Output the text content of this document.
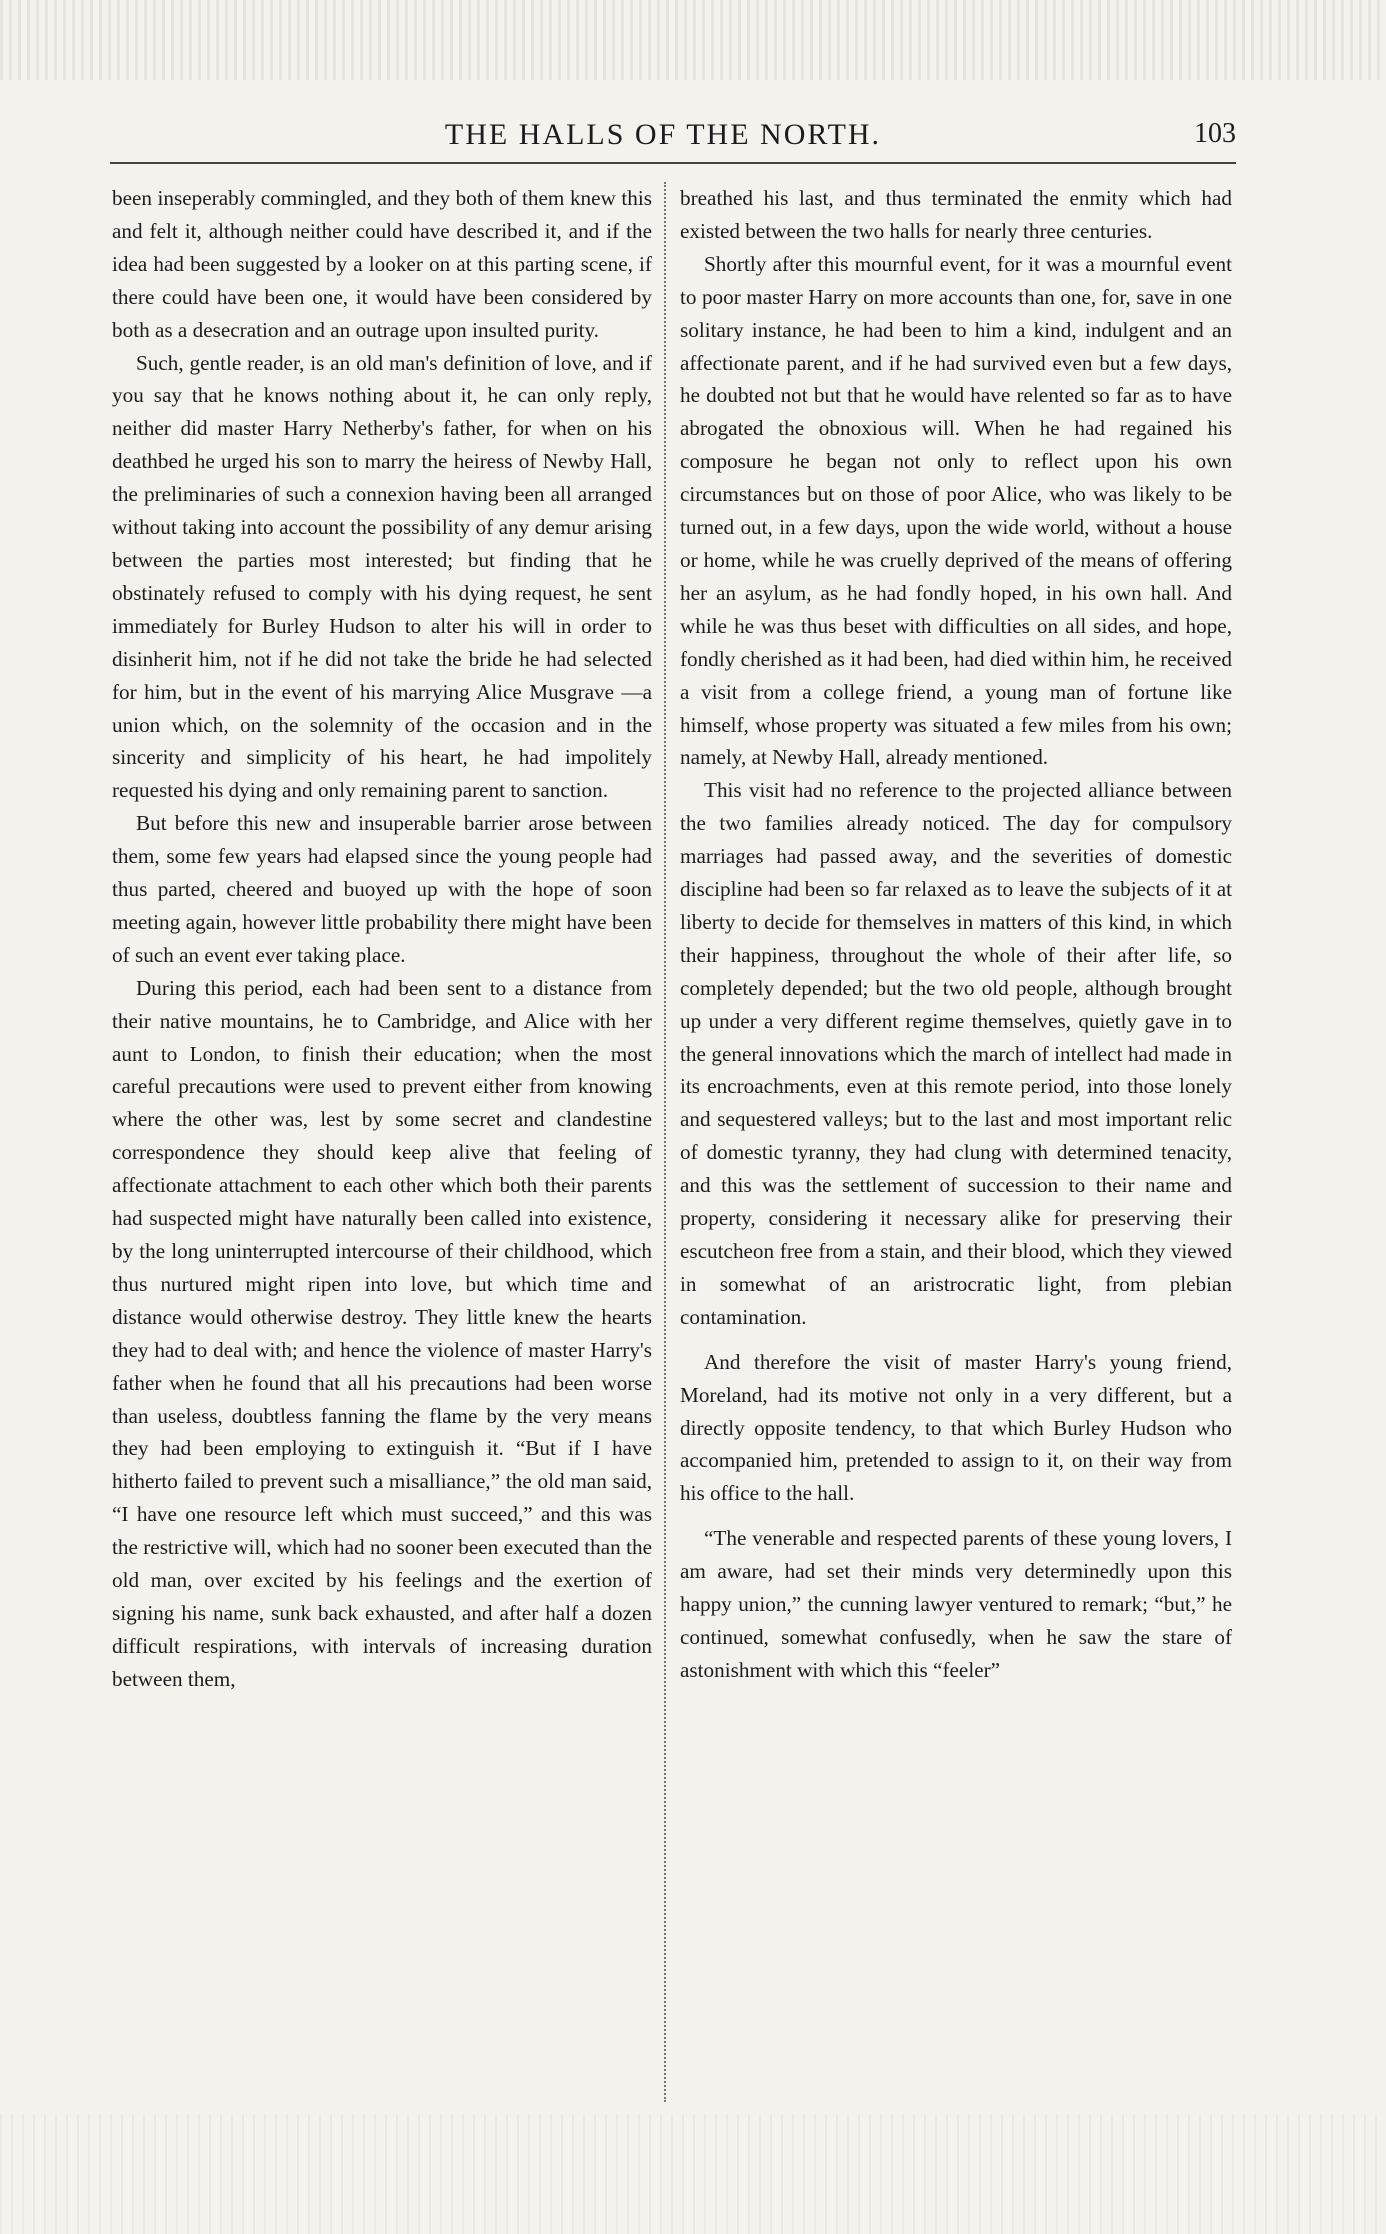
THE HALLS OF THE NORTH.	103

been inseperably commingled, and they both of them knew this and felt it, although neither could have described it, and if the idea had been suggested by a looker on at this parting scene, if there could have been one, it would have been considered by both as a desecration and an outrage upon insulted purity.

Such, gentle reader, is an old man's definition of love, and if you say that he knows nothing about it, he can only reply, neither did master Harry Netherby's father, for when on his deathbed he urged his son to marry the heiress of Newby Hall, the preliminaries of such a connexion having been all arranged without taking into account the possibility of any demur arising between the parties most interested; but finding that he obstinately refused to comply with his dying request, he sent immediately for Burley Hudson to alter his will in order to disinherit him, not if he did not take the bride he had selected for him, but in the event of his marrying Alice Musgrave —a union which, on the solemnity of the occasion and in the sincerity and simplicity of his heart, he had impolitely requested his dying and only remaining parent to sanction.

But before this new and insuperable barrier arose between them, some few years had elapsed since the young people had thus parted, cheered and buoyed up with the hope of soon meeting again, however little probability there might have been of such an event ever taking place.

During this period, each had been sent to a distance from their native mountains, he to Cambridge, and Alice with her aunt to London, to finish their education; when the most careful precautions were used to prevent either from knowing where the other was, lest by some secret and clandestine correspondence they should keep alive that feeling of affectionate attachment to each other which both their parents had suspected might have naturally been called into existence, by the long uninterrupted intercourse of their childhood, which thus nurtured might ripen into love, but which time and distance would otherwise destroy. They little knew the hearts they had to deal with; and hence the violence of master Harry's father when he found that all his precautions had been worse than useless, doubtless fanning the flame by the very means they had been employing to extinguish it. “But if I have hitherto failed to prevent such a misalliance,” the old man said, “I have one resource left which must succeed,” and this was the restrictive will, which had no sooner been executed than the old man, over excited by his feelings and the exertion of signing his name, sunk back exhausted, and after half a dozen difficult respirations, with intervals of increasing duration between them,

breathed his last, and thus terminated the enmity which had existed between the two halls for nearly three centuries.

Shortly after this mournful event, for it was a mournful event to poor master Harry on more accounts than one, for, save in one solitary instance, he had been to him a kind, indulgent and an affectionate parent, and if he had survived even but a few days, he doubted not but that he would have relented so far as to have abrogated the obnoxious will. When he had regained his composure he began not only to reflect upon his own circumstances but on those of poor Alice, who was likely to be turned out, in a few days, upon the wide world, without a house or home, while he was cruelly deprived of the means of offering her an asylum, as he had fondly hoped, in his own hall. And while he was thus beset with difficulties on all sides, and hope, fondly cherished as it had been, had died within him, he received a visit from a college friend, a young man of fortune like himself, whose property was situated a few miles from his own; namely, at Newby Hall, already mentioned.

This visit had no reference to the projected alliance between the two families already noticed. The day for compulsory marriages had passed away, and the severities of domestic discipline had been so far relaxed as to leave the subjects of it at liberty to decide for themselves in matters of this kind, in which their happiness, throughout the whole of their after life, so completely depended; but the two old people, although brought up under a very different regime themselves, quietly gave in to the general innovations which the march of intellect had made in its encroachments, even at this remote period, into those lonely and sequestered valleys; but to the last and most important relic of domestic tyranny, they had clung with determined tenacity, and this was the settlement of succession to their name and property, considering it necessary alike for preserving their escutcheon free from a stain, and their blood, which they viewed in somewhat of an aristrocratic light, from plebian contamination.

And therefore the visit of master Harry's young friend, Moreland, had its motive not only in a very different, but a directly opposite tendency, to that which Burley Hudson who accompanied him, pretended to assign to it, on their way from his office to the hall.

“The venerable and respected parents of these young lovers, I am aware, had set their minds very determinedly upon this happy union,” the cunning lawyer ventured to remark; “but,” he continued, somewhat confusedly, when he saw the stare of astonishment with which this “feeler”
